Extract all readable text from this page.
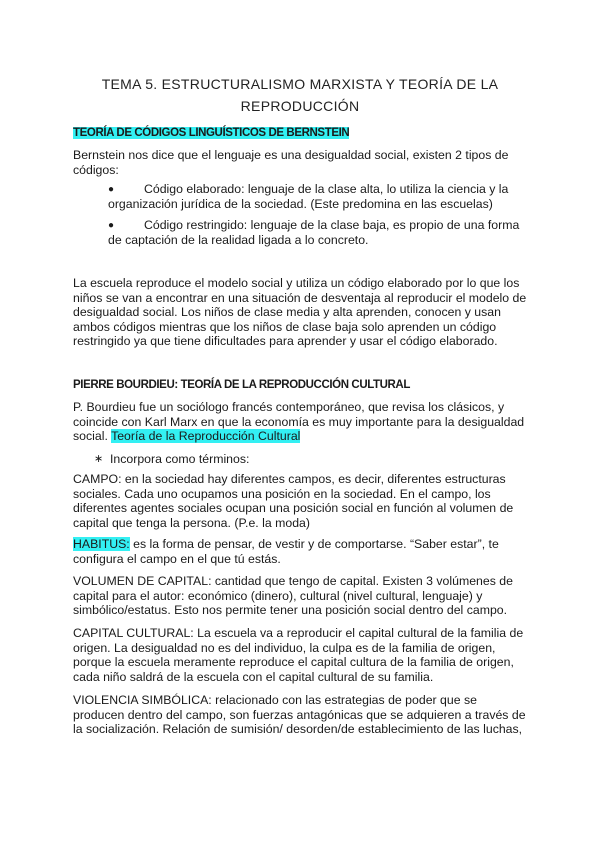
TEMA 5. ESTRUCTURALISMO MARXISTA Y TEORÍA DE LA
REPRODUCCIÓN
TEORÍA DE CÓDIGOS LINGUÍSTICOS DE BERNSTEIN
Bernstein nos dice que el lenguaje es una desigualdad social, existen 2 tipos de códigos:
●	Código elaborado: lenguaje de la clase alta, lo utiliza la ciencia y la organización jurídica de la sociedad. (Este predomina en las escuelas)
●	Código restringido: lenguaje de la clase baja, es propio de una forma de captación de la realidad ligada a lo concreto.
La escuela reproduce el modelo social y utiliza un código elaborado por lo que los niños se van a encontrar en una situación de desventaja al reproducir el modelo de desigualdad social. Los niños de clase media y alta aprenden, conocen y usan ambos códigos mientras que los niños de clase baja solo aprenden un código restringido ya que tiene dificultades para aprender y usar el código elaborado.
PIERRE BOURDIEU: TEORÍA DE LA REPRODUCCIÓN CULTURAL
P. Bourdieu fue un sociólogo francés contemporáneo, que revisa los clásicos, y coincide con Karl Marx en que la economía es muy importante para la desigualdad social. Teoría de la Reproducción Cultural
∗ Incorpora como términos:
CAMPO: en la sociedad hay diferentes campos, es decir, diferentes estructuras sociales. Cada uno ocupamos una posición en la sociedad. En el campo, los diferentes agentes sociales ocupan una posición social en función al volumen de capital que tenga la persona. (P.e. la moda)
HABITUS: es la forma de pensar, de vestir y de comportarse. “Saber estar”, te configura el campo en el que tú estás.
VOLUMEN DE CAPITAL: cantidad que tengo de capital. Existen 3 volúmenes de capital para el autor: económico (dinero), cultural (nivel cultural, lenguaje) y simbólico/estatus. Esto nos permite tener una posición social dentro del campo.
CAPITAL CULTURAL: La escuela va a reproducir el capital cultural de la familia de origen. La desigualdad no es del individuo, la culpa es de la familia de origen, porque la escuela meramente reproduce el capital cultura de la familia de origen, cada niño saldrá de la escuela con el capital cultural de su familia.
VIOLENCIA SIMBÓLICA: relacionado con las estrategias de poder que se producen dentro del campo, son fuerzas antagónicas que se adquieren a través de la socialización. Relación de sumisión/ desorden/de establecimiento de las luchas,
